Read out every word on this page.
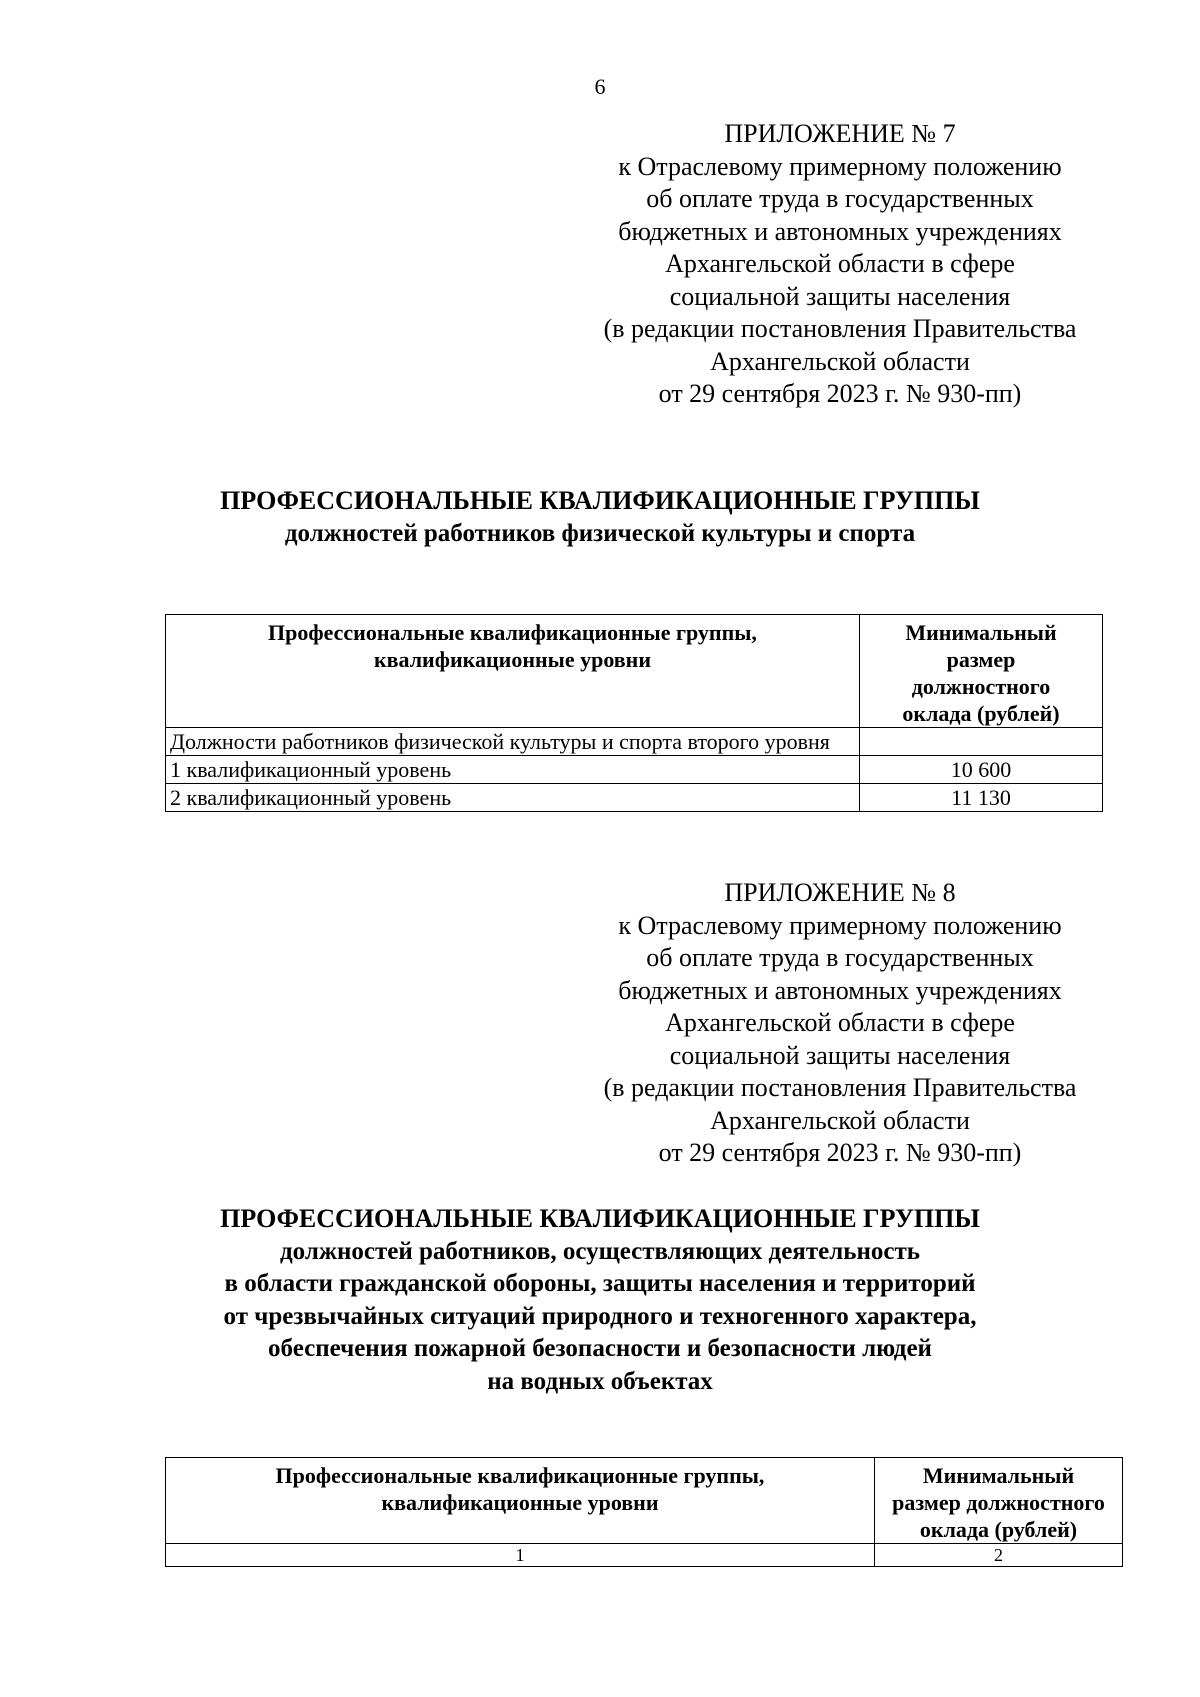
6
ПРИЛОЖЕНИЕ № 7
к Отраслевому примерному положению
об оплате труда в государственных
бюджетных и автономных учреждениях
Архангельской области в сфере
социальной защиты населения
(в редакции постановления Правительства
Архангельской области
от 29 сентября 2023 г. № 930-пп)
ПРОФЕССИОНАЛЬНЫЕ КВАЛИФИКАЦИОННЫЕ ГРУППЫ
должностей работников физической культуры и спорта
Профессиональные квалификационные группы,
квалификационные уровни	Минимальный
размер
должностного
оклада (рублей)

Должности работников физической культуры и спорта второго уровня	
1 квалификационный уровень	10 600
2 квалификационный уровень	11 130
ПРИЛОЖЕНИЕ № 8
к Отраслевому примерному положению
об оплате труда в государственных
бюджетных и автономных учреждениях
Архангельской области в сфере
социальной защиты населения
(в редакции постановления Правительства
Архангельской области
от 29 сентября 2023 г. № 930-пп)
ПРОФЕССИОНАЛЬНЫЕ КВАЛИФИКАЦИОННЫЕ ГРУППЫ
должностей работников, осуществляющих деятельность
в области гражданской обороны, защиты населения и территорий
от чрезвычайных ситуаций природного и техногенного характера,
обеспечения пожарной безопасности и безопасности людей
на водных объектах
Профессиональные квалификационные группы,
квалификационные уровни	Минимальный
размер должностного
оклада (рублей)

1	2
